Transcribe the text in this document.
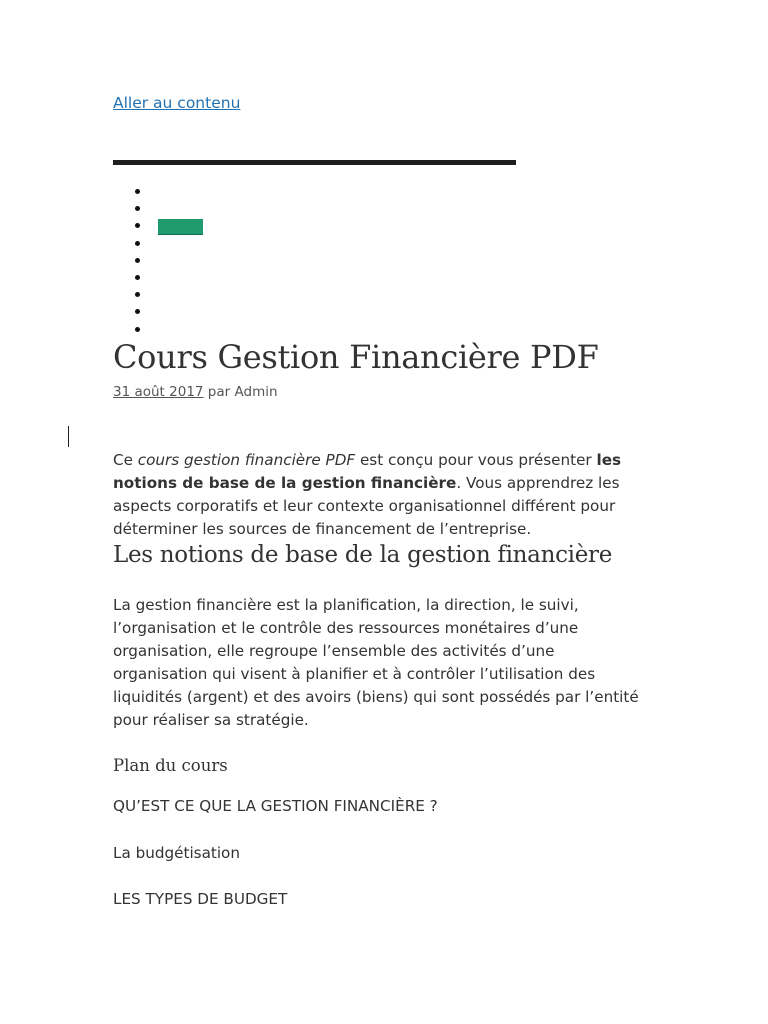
Aller au contenu
Cours Gestion Financière PDF
31 août 2017 par Admin

Ce cours gestion financière PDF est conçu pour vous présenter les notions de base de la gestion financière. Vous apprendrez les aspects corporatifs et leur contexte organisationnel différent pour déterminer les sources de financement de l’entreprise.

Les notions de base de la gestion financière

La gestion financière est la planification, la direction, le suivi, l’organisation et le contrôle des ressources monétaires d’une organisation, elle regroupe l’ensemble des activités d’une organisation qui visent à planifier et à contrôler l’utilisation des liquidités (argent) et des avoirs (biens) qui sont possédés par l’entité pour réaliser sa stratégie.

Plan du cours

QU’EST CE QUE LA GESTION FINANCIÈRE ?

La budgétisation

LES TYPES DE BUDGET
